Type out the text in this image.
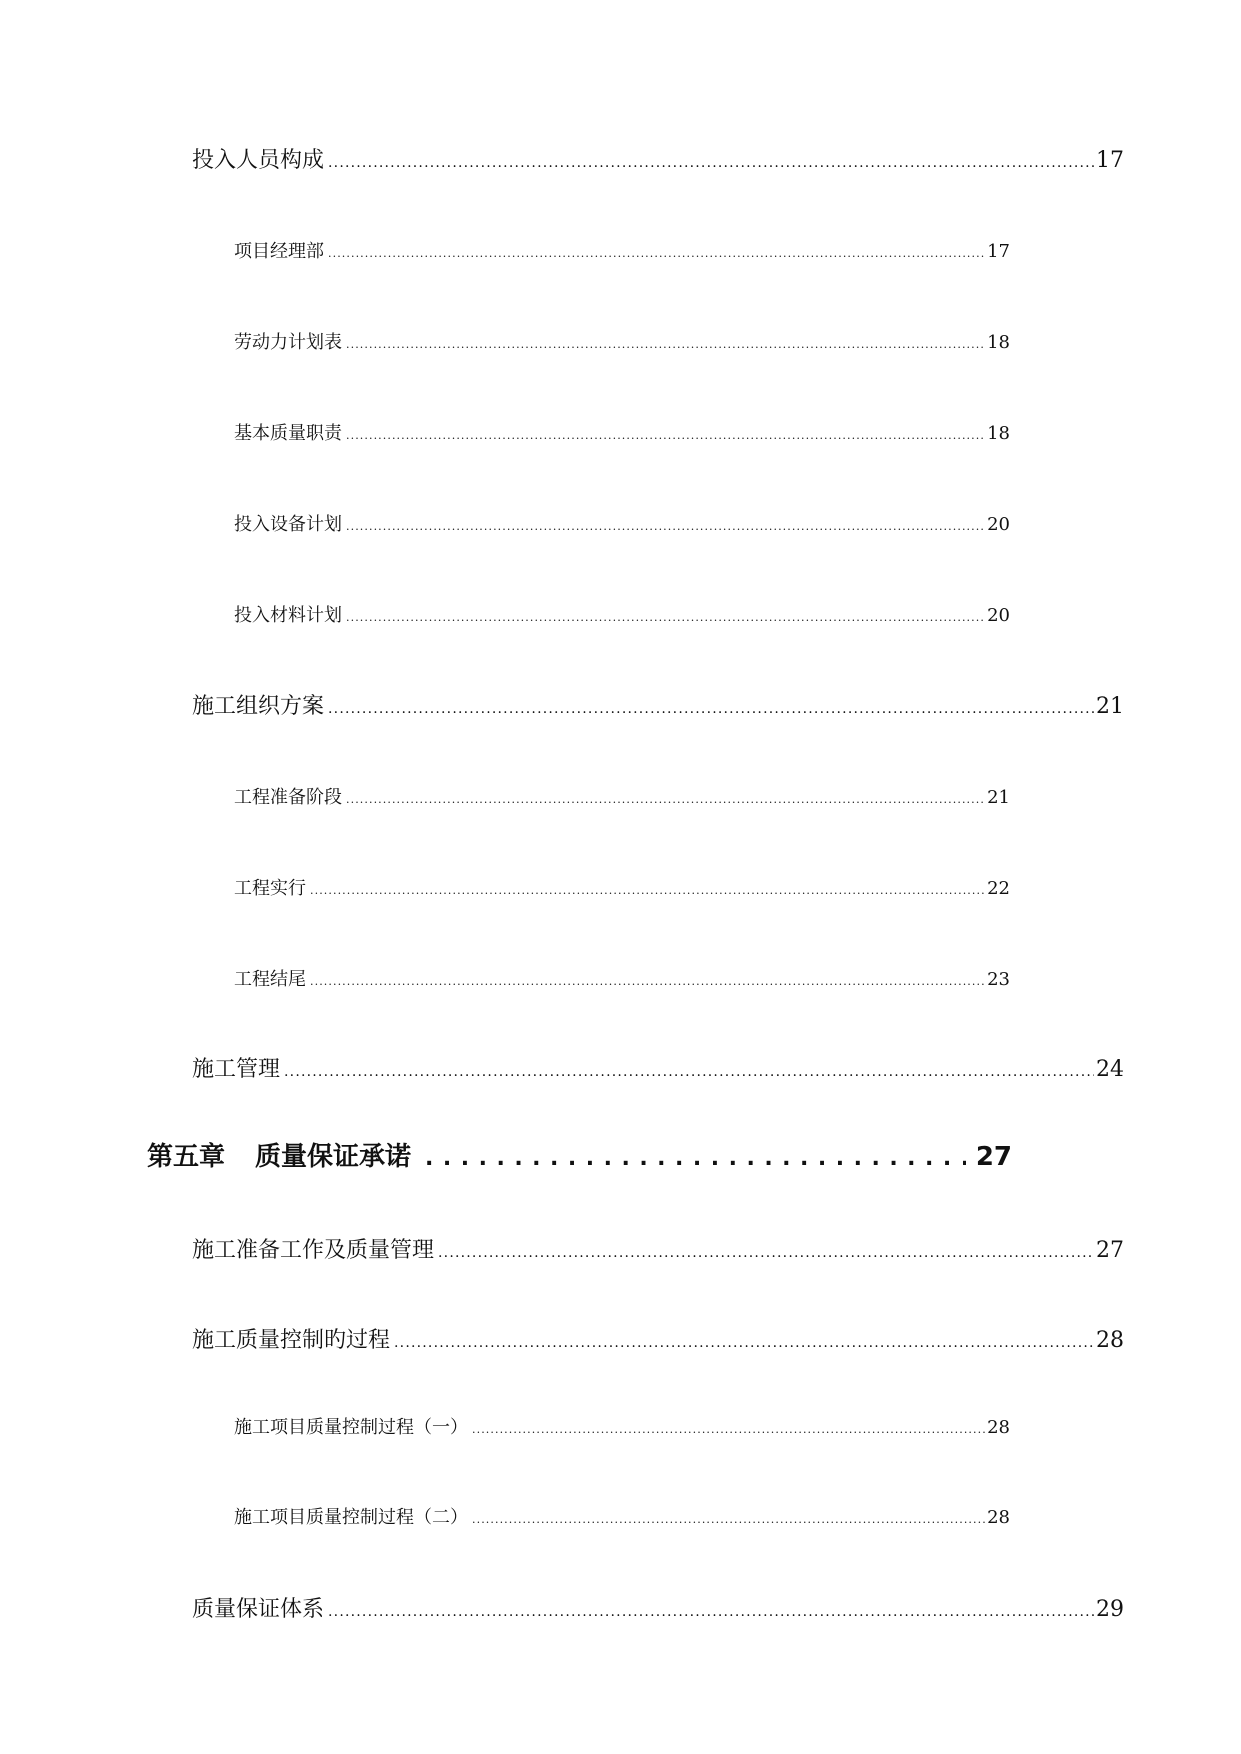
投入人员构成 .....	17
项目经理部 .....	17
劳动力计划表 .....	18
基本质量职责 .....	18
投入设备计划 .....	20
投入材料计划 .....	20
施工组织方案 .....	21
工程准备阶段 .....	21
工程实行 .....	22
工程结尾 .....	23
施工管理 .....	24
第五章 质量保证承诺 .....	27
施工准备工作及质量管理 .....	27
施工质量控制旳过程 .....	28
施工项目质量控制过程（一） .....	28
施工项目质量控制过程（二） .....	28
质量保证体系 .....	29
